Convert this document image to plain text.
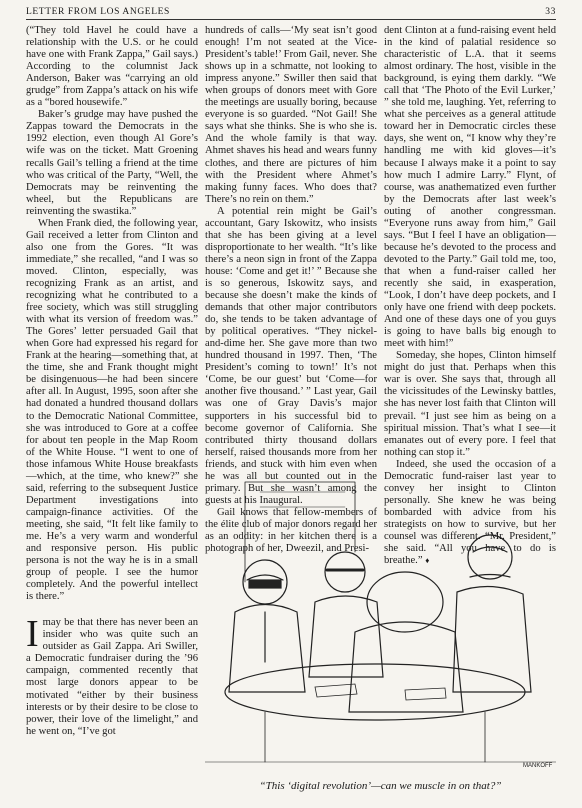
LETTER FROM LOS ANGELES	33

(“They told Havel he could have a relationship with the U.S. or he could have one with Frank Zappa,” Gail says.) According to the columnist Jack Anderson, Baker was “carrying an old grudge” from Zappa’s attack on his wife as a “bored housewife.”

Baker’s grudge may have pushed the Zappas toward the Democrats in the 1992 election, even though Al Gore’s wife was on the ticket. Matt Groening recalls Gail’s telling a friend at the time who was critical of the Party, “Well, the Democrats may be reinventing the wheel, but the Republicans are reinventing the swastika.”

When Frank died, the following year, Gail received a letter from Clinton and also one from the Gores. “It was immediate,” she recalled, “and I was so moved. Clinton, especially, was recognizing Frank as an artist, and recognizing what he contributed to a free society, which was still struggling with what its version of freedom was.” The Gores’ letter persuaded Gail that when Gore had expressed his regard for Frank at the hearing—something that, at the time, she and Frank thought might be disingenuous—he had been sincere after all. In August, 1995, soon after she had donated a hundred thousand dollars to the Democratic National Committee, she was introduced to Gore at a coffee for about ten people in the Map Room of the White House. “I went to one of those infamous White House breakfasts—which, at the time, who knew?” she said, referring to the subsequent Justice Department investigations into campaign-finance activities. Of the meeting, she said, “It felt like family to me. He’s a very warm and wonderful and responsive person. His public persona is not the way he is in a small group of people. I see the humor completely. And the powerful intellect is there.”

Imay be that there has never been an insider who was quite such an outsider as Gail Zappa. Ari Swiller, a Democratic fundraiser during the ’96 campaign, commented recently that most large donors appear to be motivated “either by their business interests or by their desire to be close to power, their love of the limelight,” and he went on, “I’ve got

hundreds of calls—‘My seat isn’t good enough! I’m not seated at the Vice-President’s table!’ From Gail, never. She shows up in a schmatte, not looking to impress anyone.” Swiller then said that when groups of donors meet with Gore the meetings are usually boring, because everyone is so guarded. “Not Gail! She says what she thinks. She is who she is. And the whole family is that way. Ahmet shaves his head and wears funny clothes, and there are pictures of him with the President where Ahmet’s making funny faces. Who does that? There’s no rein on them.”

A potential rein might be Gail’s accountant, Gary Iskowitz, who insists that she has been giving at a level disproportionate to her wealth. “It’s like there’s a neon sign in front of the Zappa house: ‘Come and get it!’ ” Because she is so generous, Iskowitz says, and because she doesn’t make the kinds of demands that other major contributors do, she tends to be taken advantage of by political operatives. “They nickel-and-dime her. She gave more than two hundred thousand in 1997. Then, ‘The President’s coming to town!’ It’s not ‘Come, be our guest’ but ‘Come—for another five thousand.’ ” Last year, Gail was one of Gray Davis’s major supporters in his successful bid to become governor of California. She contributed thirty thousand dollars herself, raised thousands more from her friends, and stuck with him even when he was all but counted out in the primary. But she wasn’t among the guests at his Inaugural.

Gail knows that fellow-members of the élite club of major donors regard her as an oddity: in her kitchen there is a photograph of her, Dweezil, and Presi-

dent Clinton at a fund-raising event held in the kind of palatial residence so characteristic of L.A. that it seems almost ordinary. The host, visible in the background, is eying them darkly. “We call that ‘The Photo of the Evil Lurker,’ ” she told me, laughing. Yet, referring to what she perceives as a general attitude toward her in Democratic circles these days, she went on, “I know why they’re handling me with kid gloves—it’s because I always make it a point to say how much I admire Larry.” Flynt, of course, was anathematized even further by the Democrats after last week’s outing of another congressman. “Everyone runs away from him,” Gail says. “But I feel I have an obligation—because he’s devoted to the process and devoted to the Party.” Gail told me, too, that when a fund-raiser called her recently she said, in exasperation, “Look, I don’t have deep pockets, and I only have one friend with deep pockets. And one of these days one of you guys is going to have balls big enough to meet with him!”

Someday, she hopes, Clinton himself might do just that. Perhaps when this war is over. She says that, through all the vicissitudes of the Lewinsky battles, she has never lost faith that Clinton will prevail. “I just see him as being on a spiritual mission. That’s what I see—it emanates out of every pore. I feel that nothing can stop it.”

Indeed, she used the occasion of a Democratic fund-raiser last year to convey her insight to Clinton personally. She knew he was being bombarded with advice from his strategists on how to survive, but her counsel was different. “Mr. President,” she said. “All you have to do is breathe.” ♦

MANKOFF
“This ‘digital revolution’—can we muscle in on that?”
